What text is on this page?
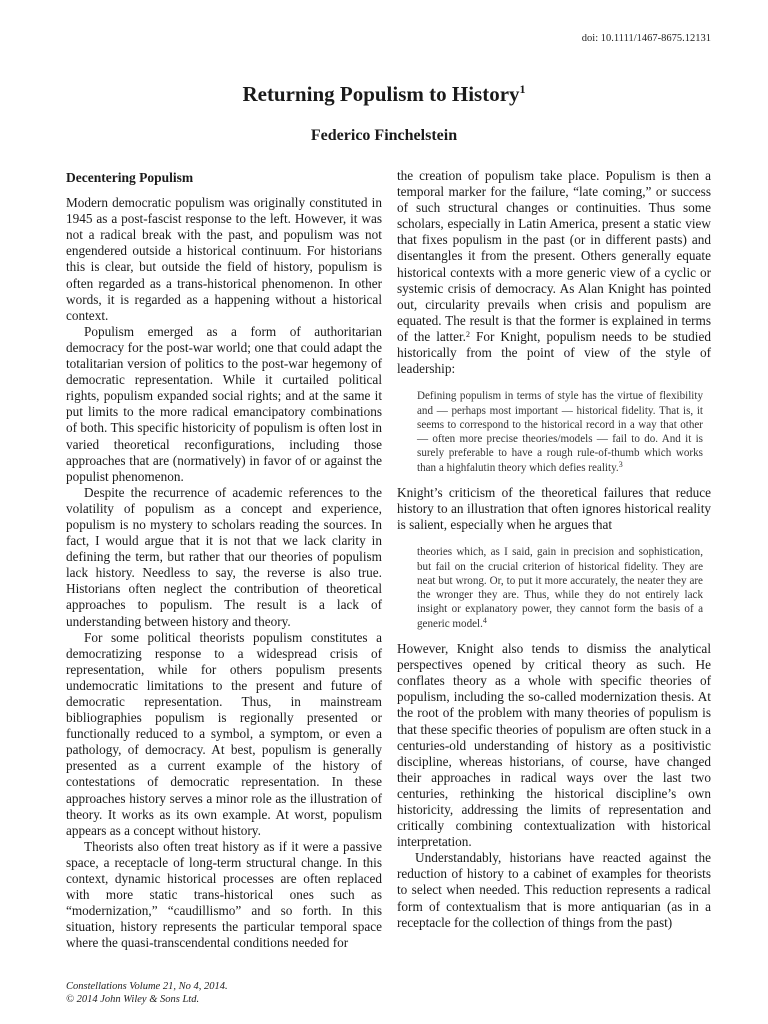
doi: 10.1111/1467-8675.12131
Returning Populism to History$^1$
Federico Finchelstein
Decentering Populism

Modern democratic populism was originally constituted in 1945 as a post-fascist response to the left. However, it was not a radical break with the past, and populism was not engendered outside a historical continuum. For historians this is clear, but outside the field of history, populism is often regarded as a trans-historical phenomenon. In other words, it is regarded as a happening without a historical context.

Populism emerged as a form of authoritarian democracy for the post-war world; one that could adapt the totalitarian version of politics to the post-war hegemony of democratic representation. While it curtailed political rights, populism expanded social rights; and at the same it put limits to the more radical emancipatory combinations of both. This specific historicity of populism is often lost in varied theoretical reconfigurations, including those approaches that are (normatively) in favor of or against the populist phenomenon.

Despite the recurrence of academic references to the volatility of populism as a concept and experience, populism is no mystery to scholars reading the sources. In fact, I would argue that it is not that we lack clarity in defining the term, but rather that our theories of populism lack history. Needless to say, the reverse is also true. Historians often neglect the contribution of theoretical approaches to populism. The result is a lack of understanding between history and theory.

For some political theorists populism constitutes a democratizing response to a widespread crisis of representation, while for others populism presents undemocratic limitations to the present and future of democratic representation. Thus, in mainstream bibliographies populism is regionally presented or functionally reduced to a symbol, a symptom, or even a pathology, of democracy. At best, populism is generally presented as a current example of the history of contestations of democratic representation. In these approaches history serves a minor role as the illustration of theory. It works as its own example. At worst, populism appears as a concept without history.

Theorists also often treat history as if it were a passive space, a receptacle of long-term structural change. In this context, dynamic historical processes are often replaced with more static trans-historical ones such as “modernization,” “caudillismo” and so forth. In this situation, history represents the particular temporal space where the quasi-transcendental conditions needed for

the creation of populism take place. Populism is then a temporal marker for the failure, “late coming,” or success of such structural changes or continuities. Thus some scholars, especially in Latin America, present a static view that fixes populism in the past (or in different pasts) and disentangles it from the present. Others generally equate historical contexts with a more generic view of a cyclic or systemic crisis of democracy. As Alan Knight has pointed out, circularity prevails when crisis and populism are equated. The result is that the former is explained in terms of the latter.$^2$ For Knight, populism needs to be studied historically from the point of view of the style of leadership:

Defining populism in terms of style has the virtue of flexibility and — perhaps most important — historical fidelity. That is, it seems to correspond to the historical record in a way that other — often more precise theories/models — fail to do. And it is surely preferable to have a rough rule-of-thumb which works than a highfalutin theory which defies reality.$^3$

Knight’s criticism of the theoretical failures that reduce history to an illustration that often ignores historical reality is salient, especially when he argues that

theories which, as I said, gain in precision and sophistication, but fail on the crucial criterion of historical fidelity. They are neat but wrong. Or, to put it more accurately, the neater they are the wronger they are. Thus, while they do not entirely lack insight or explanatory power, they cannot form the basis of a generic model.$^4$

However, Knight also tends to dismiss the analytical perspectives opened by critical theory as such. He conflates theory as a whole with specific theories of populism, including the so-called modernization thesis. At the root of the problem with many theories of populism is that these specific theories of populism are often stuck in a centuries-old understanding of history as a positivistic discipline, whereas historians, of course, have changed their approaches in radical ways over the last two centuries, rethinking the historical discipline’s own historicity, addressing the limits of representation and critically combining contextualization with historical interpretation.

Understandably, historians have reacted against the reduction of history to a cabinet of examples for theorists to select when needed. This reduction represents a radical form of contextualism that is more antiquarian (as in a receptacle for the collection of things from the past)

Constellations Volume 21, No 4, 2014.
© 2014 John Wiley & Sons Ltd.
